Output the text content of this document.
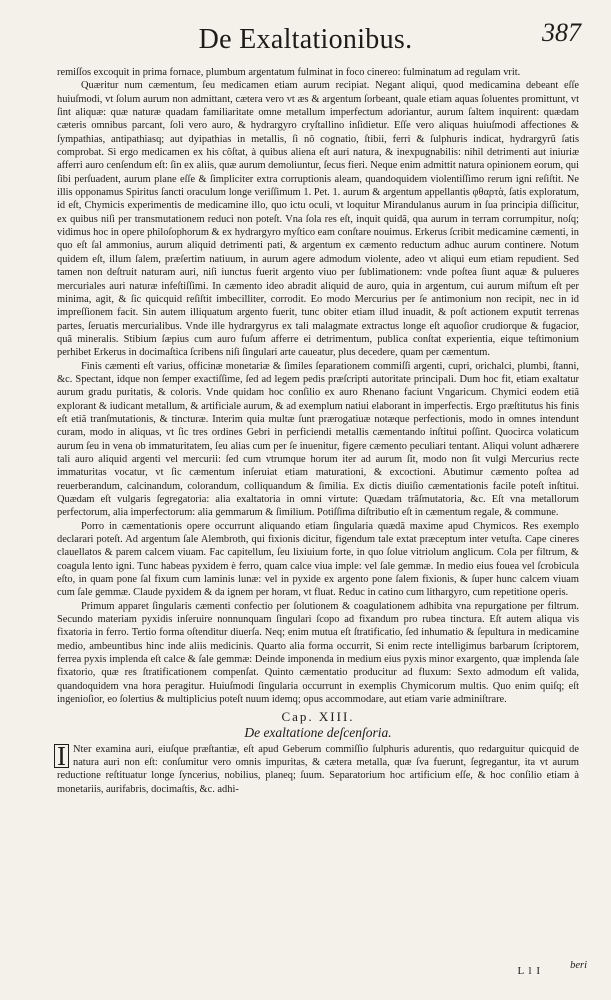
De Exaltationibus.	387

remiſſos excoquit in prima fornace, plumbum argentatum fulminat in foco cinereo: fulminatum ad regulam vrit.

Quæritur num cæmentum, ſeu medicamen etiam aurum recipiat. Negant aliqui, quod medicamina debeant eſſe huiuſmodi, vt ſolum aurum non admittant, cætera vero vt æs & argentum ſorbeant, quale etiam aquas ſoluentes promittunt, vt ſint aliquæ: quæ naturæ quadam familiaritate omne metallum imperfectum adoriantur, aurum ſaltem inquirent: quædam cæteris omnibus parcant, ſoli vero auro, & hydrargyro cryſtallino inſidietur. Eſſe vero aliquas huiuſmodi affectiones & ſympathias, antipathiasq; aut dyipathias in metallis, ſi nõ cognatio, ſtibii, ferri & ſulphuris indicat, hydrargyrũ ſatis comprobat. Si ergo medicamen ex his cõſtat, à quibus aliena eſt auri natura, & inexpugnabilis: nihil detrimenti aut iniuriæ afferri auro cenſendum eſt: ſin ex aliis, quæ aurum demoliuntur, ſecus fieri. Neque enim admittit natura opinionem eorum, qui ſibi perſuadent, aurum plane eſſe & ſimpliciter extra corruptionis aleam, quandoquidem violentiſſimo rerum igni reſiſtit. Ne illis opponamus Spiritus ſancti oraculum longe veriſſimum 1. Pet. 1. aurum & argentum appellantis φθαρτὰ, ſatis exploratum, id eſt, Chymicis experimentis de medicamine illo, quo ictu oculi, vt loquitur Mirandulanus aurum in ſua principia diſſicitur, ex quibus niſi per transmutationem reduci non poteſt. Vna ſola res eſt, inquit quidã, qua aurum in terram corrumpitur, noſq; vidimus hoc in opere philoſophorum & ex hydrargyro myſtico eam conſtare nouimus. Erkerus ſcribit medicamine cæmenti, in quo eſt ſal ammonius, aurum aliquid detrimenti pati, & argentum ex cæmento reductum adhuc aurum continere. Notum quidem eſt, illum ſalem, præſertim natiuum, in aurum agere admodum violente, adeo vt aliqui eum etiam repudient. Sed tamen non deſtruit naturam auri, niſi iunctus fuerit argento viuo per ſublimationem: vnde poſtea ſiunt aquæ & pulueres mercuriales auri naturæ infeſtiſſimi. In cæmento ideo abradit aliquid de auro, quia in argentum, cui aurum miſtum eſt per minima, agit, & ſic quicquid reſiſtit imbecilliter, corrodit. Eo modo Mercurius per ſe antimonium non recipit, nec in id impreſſionem facit. Sin autem illiquatum argento fuerit, tunc obiter etiam illud inuadit, & poſt actionem exputit terrenas partes, ſeruatis mercurialibus. Vnde ille hydrargyrus ex tali malagmate extractus longe eſt aquoſior crudiorque & fugacior, quã mineralis. Stibium ſæpius cum auro fuſum afferre ei detrimentum, publica conſtat experientia, eique teſtimonium perhibet Erkerus in docimaſtica ſcribens niſi ſingulari arte caueatur, plus decedere, quam per cæmentum.

Finis cæmenti eſt varius, officinæ monetariæ & ſimiles ſeparationem commiſſi argenti, cupri, orichalci, plumbi, ſtanni, &c. Spectant, idque non ſemper exactiſſime, ſed ad legem pedis præſcripti autoritate principali. Dum hoc fit, etiam exaltatur aurum gradu puritatis, & coloris. Vnde quidam hoc conſilio ex auro Rhenano faciunt Vngaricum. Chymici eodem etiã explorant & iudicant metallum, & artificiale aurum, & ad exemplum natiui elaborant in imperfectis. Ergo præſtitutus his finis eſt etiã tranſmutationis, & tincturæ. Interim quia multæ ſunt prærogatiuæ notæque perfectionis, modo in omnes intendunt curam, modo in aliquas, vt ſic tres ordines Gebri in perficiendi metallis cæmentando inſtitui poſſint. Quocirca volaticum aurum ſeu in vena ob immaturitatem, ſeu alias cum per ſe inuenitur, figere cæmento peculiari tentant. Aliqui volunt adhærere tali auro aliquid argenti vel mercurii: ſed cum vtrumque horum iter ad aurum ſit, modo non ſit vulgi Mercurius recte immaturitas vocatur, vt ſic cæmentum inſeruiat etiam maturationi, & excoctioni. Abutimur cæmento poſtea ad reuerberandum, calcinandum, colorandum, colliquandum & ſimilia. Ex dictis diuiſio cæmentationis facile poteſt inſtitui. Quædam eſt vulgaris ſegregatoria: alia exaltatoria in omni virtute: Quædam trãſmutatoria, &c. Eſt vna metallorum perfectorum, alia imperfectorum: alia gemmarum & ſimilium. Potiſſima diſtributio eſt in cæmentum regale, & commune.

Porro in cæmentationis opere occurrunt aliquando etiam ſingularia quædã maxime apud Chymicos. Res exemplo declarari poteſt. Ad argentum ſale Alembroth, qui fixionis dicitur, figendum tale extat præceptum inter vetuſta. Cape cineres clauellatos & parem calcem viuam. Fac capitellum, ſeu lixiuium forte, in quo ſolue vitriolum anglicum. Cola per filtrum, & coagula lento igni. Tunc habeas pyxidem è ferro, quam calce viua imple: vel ſale gemmæ. In medio eius fouea vel ſcrobicula eſto, in quam pone ſal fixum cum laminis lunæ: vel in pyxide ex argento pone ſalem fixionis, & ſuper hunc calcem viuam cum ſale gemmæ. Claude pyxidem & da ignem per horam, vt fluat. Reduc in catino cum lithargyro, cum repetitione operis.

Primum apparet ſingularis cæmenti confectio per ſolutionem & coagulationem adhibita vna repurgatione per filtrum. Secundo materiam pyxidis inſeruire nonnunquam ſingulari ſcopo ad fixandum pro rubea tinctura. Eſt autem aliqua vis fixatoria in ferro. Tertio forma oſtenditur diuerſa. Neq; enim mutua eſt ſtratificatio, ſed inhumatio & ſepultura in medicamine medio, ambeuntibus hinc inde aliis medicinis. Quarto alia forma occurrit, Si enim recte intelligimus barbarum ſcriptorem, ferrea pyxis implenda eſt calce & ſale gemmæ: Deinde imponenda in medium eius pyxis minor exargento, quæ implenda ſale fixatorio, quæ res ſtratificationem compenſat. Quinto cæmentatio producitur ad fluxum: Sexto admodum eſt valida, quandoquidem vna hora peragitur. Huiuſmodi ſingularia occurrunt in exemplis Chymicorum multis. Quo enim quiſq; eſt ingenioſior, eo ſolertius & multiplicius poteſt nuum idemq; opus accommodare, aut etiam varie adminiſtrare.

Cap. XIII.
De exaltatione deſcenſoria.

I Nter examina auri, eiuſque præſtantiæ, eſt apud Geberum commiſſio ſulphuris adurentis, quo redarguitur quicquid de natura auri non eſt: conſumitur vero omnis impuritas, & cætera metalla, quæ ſva fuerunt, ſegregantur, ita vt aurum reductione reſtituatur longe ſyncerius, nobilius, planeq; ſuum. Separatorium hoc artificium eſſe, & hoc conſilio etiam à monetariis, aurifabris, docimaſtis, &c. adhi-

L l I	beri
